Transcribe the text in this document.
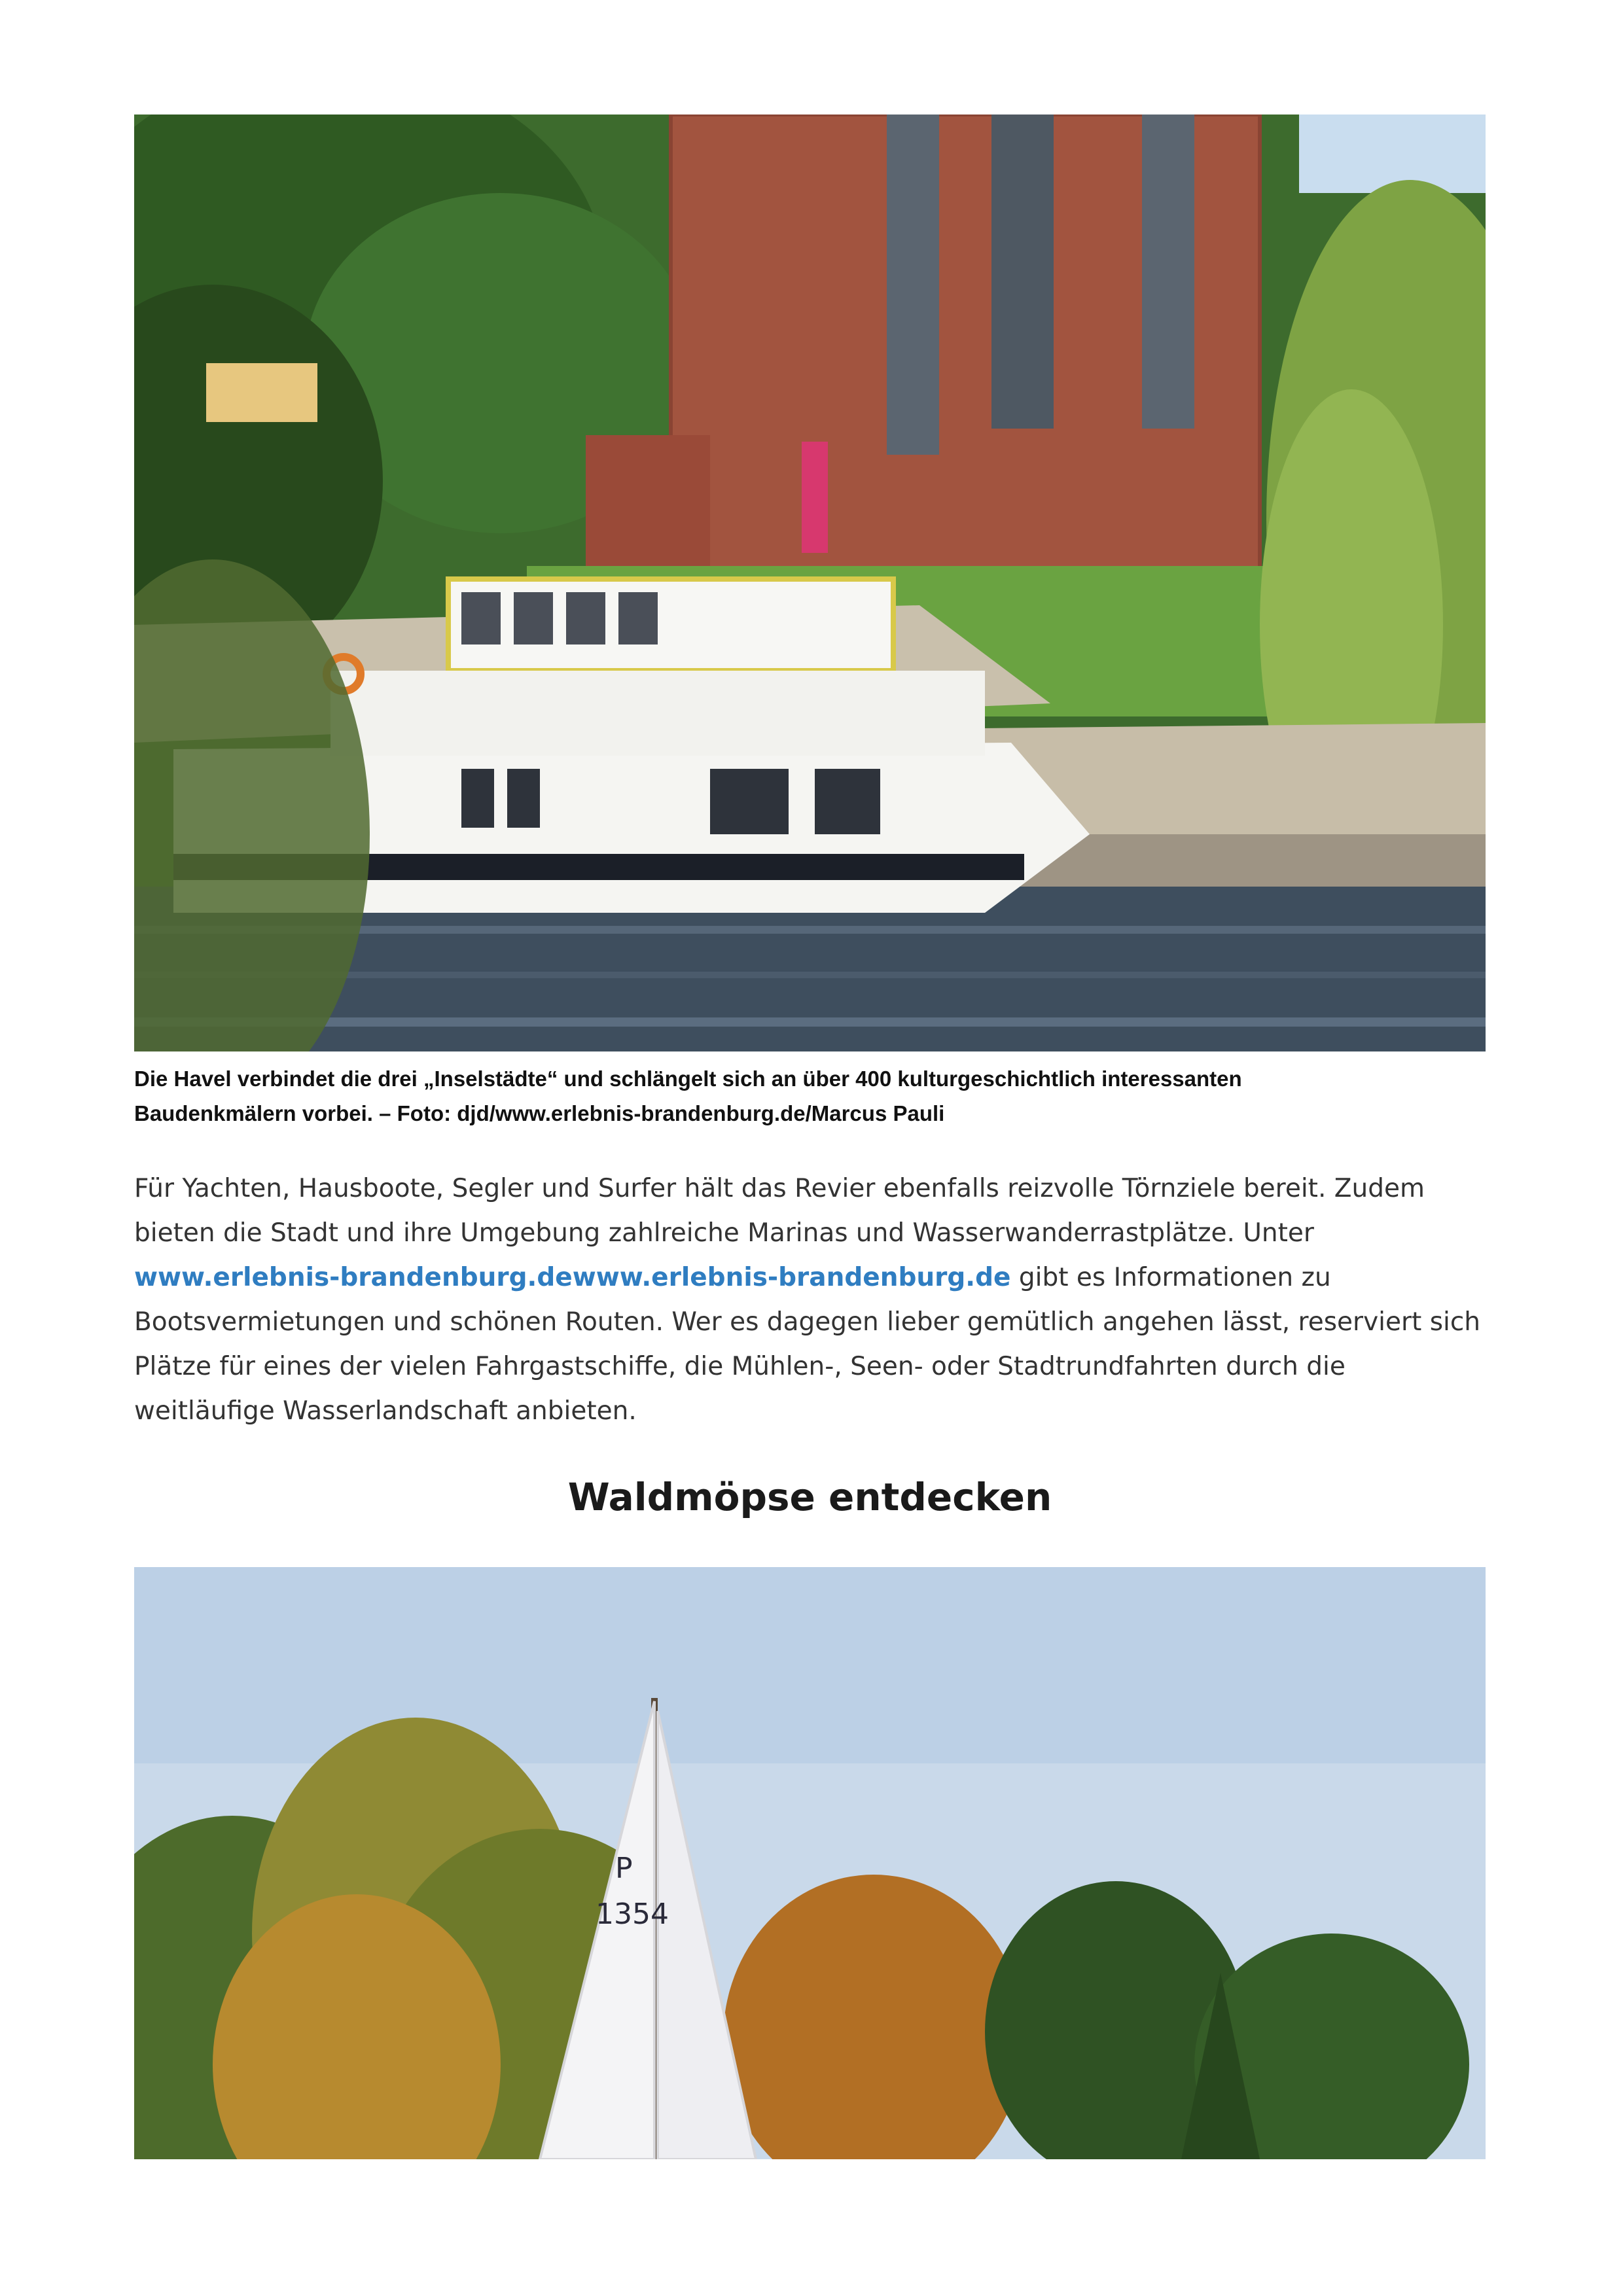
Die Havel verbindet die drei „Inselstädte“ und schlängelt sich an über 400 kulturgeschichtlich interessanten
Baudenkmälern vorbei. – Foto: djd/www.erlebnis-brandenburg.de/Marcus Pauli
Für Yachten, Hausboote, Segler und Surfer hält das Revier ebenfalls reizvolle Törnziele bereit. Zudem bieten die Stadt und ihre Umgebung zahlreiche Marinas und Wasserwanderrastplätze. Unter www.erlebnis-brandenburg.dewww.erlebnis-brandenburg.de gibt es Informationen zu Bootsvermietungen und schönen Routen. Wer es dagegen lieber gemütlich angehen lässt, reserviert sich Plätze für eines der vielen Fahrgastschiffe, die Mühlen-, Seen- oder Stadtrundfahrten durch die weitläufige Wasserlandschaft anbieten.
Waldmöpse entdecken
P
1354
